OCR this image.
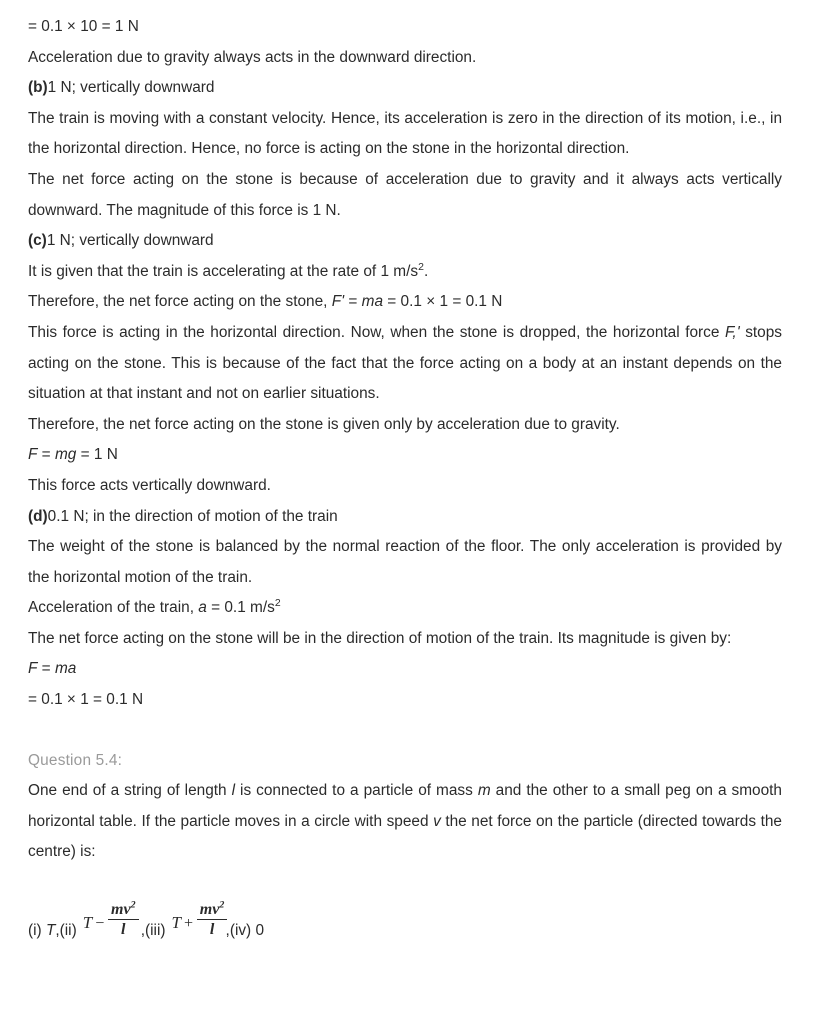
= 0.1 × 10 = 1 N

Acceleration due to gravity always acts in the downward direction.

(b)1 N; vertically downward

The train is moving with a constant velocity. Hence, its acceleration is zero in the direction of its motion, i.e., in the horizontal direction. Hence, no force is acting on the stone in the horizontal direction.

The net force acting on the stone is because of acceleration due to gravity and it always acts vertically downward. The magnitude of this force is 1 N.

(c)1 N; vertically downward

It is given that the train is accelerating at the rate of 1 $m/s^2$.

Therefore, the net force acting on the stone, F' = ma = 0.1 × 1 = 0.1 N

This force is acting in the horizontal direction. Now, when the stone is dropped, the horizontal force F,' stops acting on the stone. This is because of the fact that the force acting on a body at an instant depends on the situation at that instant and not on earlier situations.

Therefore, the net force acting on the stone is given only by acceleration due to gravity.

F = mg = 1 N

This force acts vertically downward.

(d)0.1 N; in the direction of motion of the train

The weight of the stone is balanced by the normal reaction of the floor. The only acceleration is provided by the horizontal motion of the train.

Acceleration of the train, a = 0.1 $m/s^2$

The net force acting on the stone will be in the direction of motion of the train. Its magnitude is given by:

F = ma

= 0.1 × 1 = 0.1 N

Question 5.4:

One end of a string of length l is connected to a particle of mass m and the other to a small peg on a smooth horizontal table. If the particle moves in a circle with speed v the net force on the particle (directed towards the centre) is:

(i) T,(ii) $T - \frac{mv^2}{l} ,(iii) T + \frac{mv^2}{l}$
,(iv) 0
